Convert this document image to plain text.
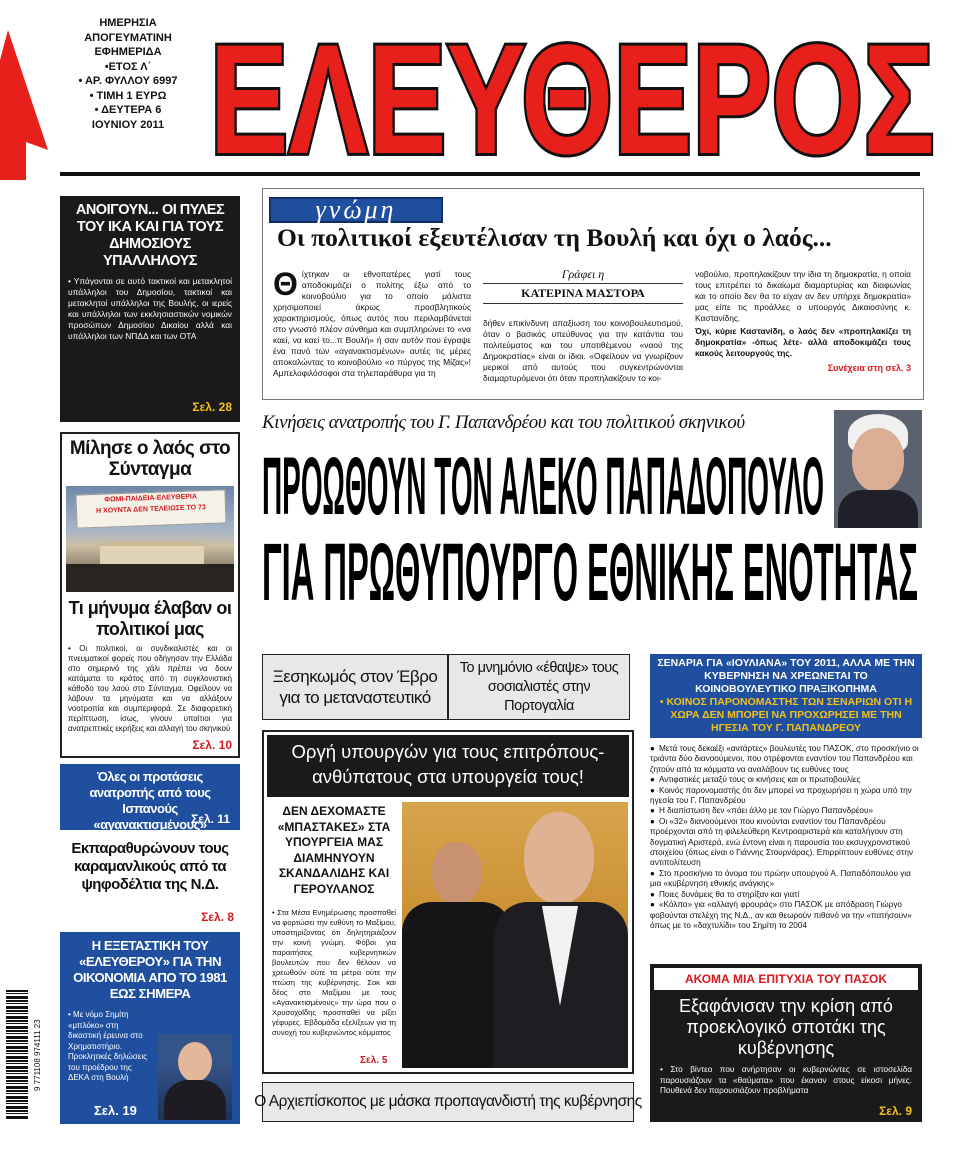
ΗΜΕΡΗΣΙΑ
ΑΠΟΓΕΥΜΑΤΙΝΗ
ΕΦΗΜΕΡΙΔΑ
•ΕΤΟΣ Λ΄
• ΑΡ. ΦΥΛΛΟΥ 6997
• ΤΙΜΗ 1 ΕΥΡΩ
• ΔΕΥΤΕΡΑ 6
ΙΟΥΝΙΟΥ 2011 ΕΛΕΥΘΕΡΟΣ
ΑΝΟΙΓΟΥΝ... ΟΙ ΠΥΛΕΣ ΤΟΥ ΙΚΑ ΚΑΙ ΓΙΑ ΤΟΥΣ ΔΗΜΟΣΙΟΥΣ ΥΠΑΛΛΗΛΟΥΣ
• Υπάγονται σε αυτό τακτικοί και μετακλητοί υπάλληλοι του Δημοσίου, τακτικοί και μετακλητοί υπάλληλοι της Βουλής, οι ιερείς και υπάλληλοι των εκκλησιαστικών νομικών προσώπων Δημοσίου Δικαίου αλλά και υπάλληλοι των ΝΠΔΔ και των ΟΤΑ
Σελ. 28
Μίλησε ο λαός στο Σύνταγμα
ΦΩΜΙ-ΠΑΙΔΕΙΑ-ΕΛΕΥΘΕΡΙΑ
Η ΧΟΥΝΤΑ ΔΕΝ ΤΕΛΕΙΩΣΕ ΤΟ 73
Τι μήνυμα έλαβαν οι πολιτικοί μας
• Οι πολιτικοί, οι συνδικαλιστές και οι πνευματικοί φορείς που οδήγησαν την Ελλάδα στο σημερινό της χάλι πρέπει να δουν κατάματα το κράτος από τη συγκλονιστική κάθοδο του λαού στο Σύνταγμα. Οφείλουν να λάβουν τα μηνύματα και να αλλάξουν νοοτροπία και συμπεριφορά. Σε διαφορετική περίπτωση, ίσως, γίνουν υπαίτιοι για ανατρεπτικές εκρήξεις και αλλαγή του σκηνικού
Σελ. 10
Όλες οι προτάσεις ανατροπής από τους Ισπανούς «αγανακτισμένους»
Σελ. 11
Εκπαραθυρώνουν τους καραμανλικούς από τα ψηφοδέλτια της Ν.Δ.
Σελ. 8
Η ΕΞΕΤΑΣΤΙΚΗ ΤΟΥ «ΕΛΕΥΘΕΡΟΥ» ΓΙΑ ΤΗΝ ΟΙΚΟΝΟΜΙΑ ΑΠΟ ΤΟ 1981 ΕΩΣ ΣΗΜΕΡΑ
• Με νόμο Σημίτη «μπλόκο» στη δικαστική έρευνα στο Χρηματιστήριο. Προκλητικές δηλώσεις του προέδρου της ΔΕΚΑ στη Βουλή
Σελ. 19
9 771108 974111 23
γνώμη
Οι πολιτικοί εξευτέλισαν τη Βουλή και όχι ο λαός...
Θ ίχτηκαν οι εθνοπατέρες γιατί τους αποδοκιμάζει ο πολίτης έξω από το κοινοβούλιο για το οποίο μάλιστα χρησιμοποιεί άκρως προσβλητικούς χαρακτηρισμούς, όπως αυτός που περιλαμβάνεται στο γνωστό πλέον σύνθημα και συμπληρώνει το «να καεί, να καεί το...π Βουλή» ή σαν αυτόν που έγραψε ένα πανό των «αγανακτισμένων» αυτές τις μέρες αποκαλώντας το κοινοβούλιο «ο πύργος της Μίζας»! Αμπελοφιλόσοφοι στα τηλεπαράθυρα για τη
Γράφει η
ΚΑΤΕΡΙΝΑ ΜΑΣΤΟΡΑ
δήθεν επικίνδυνη απαξίωση του κοινοβουλευτισμού, όταν ο βασικός υπεύθυνος για την κατάντια του πολιτεύματος και του υποτιθέμενου «ναού της Δημοκρατίας» είναι οι ίδιοι. «Οφείλουν να γνωρίζουν μερικοί από αυτούς που συγκεντρώνονται διαμαρτυρόμενοι ότι όταν προπηλακίζουν το κοι-
νοβούλιο, προπηλακίζουν την ίδια τη δημοκρατία, η οποία τους επιτρέπει το δικαίωμα διαμαρτυρίας και διαφωνίας και το οποίο δεν θα το είχαν αν δεν υπήρχε δημοκρατία» μας είπε τις προάλλες ο υπουργός Δικαιοσύνης κ. Καστανίδης.
Όχι, κύριε Καστανίδη, ο λαός δεν «προπηλακίζει τη δημοκρατία» -όπως λέτε- αλλά αποδοκιμάζει τους κακούς λειτουργούς της.
Συνέχεια στη σελ. 3
Κινήσεις ανατροπής του Γ. Παπανδρέου και του πολιτικού σκηνικού
ΠΡΟΩΘΟΥΝ ΤΟΝ ΑΛΕΚΟ ΠΑΠΑΔΟΠΟΥΛΟ
ΓΙΑ ΠΡΩΘΥΠΟΥΡΓΟ ΕΘΝΙΚΗΣ ΕΝΟΤΗΤΑΣ
Ξεσηκωμός στον Έβρο για το μεταναστευτικό
Το μνημόνιο «έθαψε» τους σοσιαλιστές στην Πορτογαλία
Οργή υπουργών για τους επιτρόπους-ανθύπατους στα υπουργεία τους!
ΔΕΝ ΔΕΧΟΜΑΣΤΕ «ΜΠΑΣΤΑΚΕΣ» ΣΤΑ ΥΠΟΥΡΓΕΙΑ ΜΑΣ ΔΙΑΜΗΝΥΟΥΝ ΣΚΑΝΔΑΛΙΔΗΣ ΚΑΙ ΓΕΡΟΥΛΑΝΟΣ
• Στα Μέσα Ενημέρωσης προσπαθεί να φορτώσει την ευθύνη το Μαξίμου, υποστηρίζοντας ότι δηλητηριάζουν την κοινή γνώμη. Φόβοι για παραιτήσεις κυβερνητικών βουλευτών που δεν θέλουν να χρεωθούν ούτε τα μέτρα ούτε την πτώση της κυβέρνησης. Σοκ και δέος στο Μαξίμου με τους «Αγανακτισμένους» την ώρα που ο Χρυσοχοΐδης προσπαθεί να ρίξει γέφυρες. Εβδομάδα εξελίξεων για τη συνοχή του κυβερνώντος κόμματος
Σελ. 5
Ο Αρχιεπίσκοπος με μάσκα προπαγανδιστή της κυβέρνησης
ΣΕΝΑΡΙΑ ΓΙΑ «ΙΟΥΛΙΑΝΑ» ΤΟΥ 2011, ΑΛΛΑ ΜΕ ΤΗΝ ΚΥΒΕΡΝΗΣΗ ΝΑ ΧΡΕΩΝΕΤΑΙ ΤΟ ΚΟΙΝΟΒΟΥΛΕΥΤΙΚΟ ΠΡΑΞΙΚΟΠΗΜΑ
• ΚΟΙΝΟΣ ΠΑΡΟΝΟΜΑΣΤΗΣ ΤΩΝ ΣΕΝΑΡΙΩΝ ΟΤΙ Η ΧΩΡΑ ΔΕΝ ΜΠΟΡΕΙ ΝΑ ΠΡΟΧΩΡΗΣΕΙ ΜΕ ΤΗΝ ΗΓΕΣΙΑ ΤΟΥ Γ. ΠΑΠΑΝΔΡΕΟΥ
● Μετά τους δεκαέξι «αντάρτες» βουλευτές του ΠΑΣΟΚ, στο προσκήνιο οι τριάντα δύο διανοούμενοι, που στρέφονται εναντίον του Παπανδρέου και ζητούν από τα κόμματα να αναλάβουν τις ευθύνες τους
● Αντιφατικές μεταξύ τους οι κινήσεις και οι πρωτοβουλίες
● Κοινός παρονομαστής ότι δεν μπορεί να προχωρήσει η χώρα υπό την ηγεσία του Γ. Παπανδρέου
● Η διαπίστωση δεν «πάει άλλο με τον Γιώργο Παπανδρέου»
● Οι «32» διανοούμενοι που κινούνται εναντίον του Παπανδρέου προέρχονται από τη φιλελεύθερη Κεντροαριστερά και καταλήγουν στη δογματική Αριστερά, ενώ έντονη είναι η παρουσία του εκσυγχρονιστικού στοιχείου (όπως είναι ο Γιάννης Στουρνάρας). Επιρρίπτουν ευθύνες στην αντιπολίτευση
● Στο προσκήνιο το όνομα του πρώην υπουργού Α. Παπαδόπουλου για μια «κυβέρνηση εθνικής ανάγκης»
● Ποιες δυνάμεις θα το στηρίξαν και γιατί
● «Κόλπο» για «αλλαγή φρουράς» στο ΠΑΣΟΚ με απόδραση Γιώργο φοβούνται στελέχη της Ν.Δ., αν και θεωρούν πιθανό να την «πατήσουν» όπως με το «δαχτυλίδι» του Σημίτη το 2004
ΑΚΟΜΑ ΜΙΑ ΕΠΙΤΥΧΙΑ ΤΟΥ ΠΑΣΟΚ
Εξαφάνισαν την κρίση από προεκλογικό σποτάκι της κυβέρνησης
• Στο βίντεο που ανήρτησαν οι κυβερνώντες σε ιστοσελίδα παρουσιάζουν τα «θαύματα» που έκαναν στους είκοσι μήνες. Πουθενά δεν παρουσιάζουν προβλήματα
Σελ. 9
